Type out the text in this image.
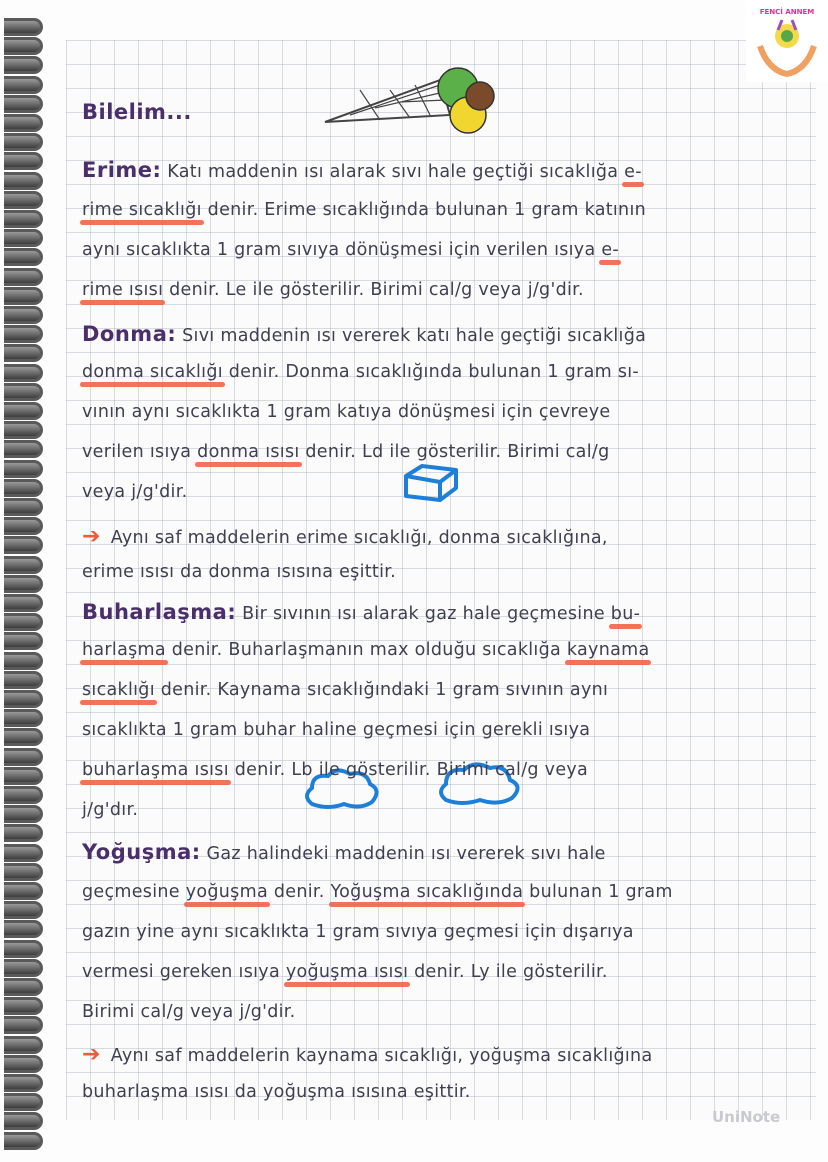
FENCİ ANNEM
Bilelim...
Erime: Katı maddenin ısı alarak sıvı hale geçtiği sıcaklığa e-
rime sıcaklığı denir. Erime sıcaklığında bulunan 1 gram katının
aynı sıcaklıkta 1 gram sıvıya dönüşmesi için verilen ısıya e-
rime ısısı denir. Le ile gösterilir. Birimi cal/g veya j/g'dir.
Donma: Sıvı maddenin ısı vererek katı hale geçtiği sıcaklığa
donma sıcaklığı denir. Donma sıcaklığında bulunan 1 gram sı-
vının aynı sıcaklıkta 1 gram katıya dönüşmesi için çevreye
verilen ısıya donma ısısı denir. Ld ile gösterilir. Birimi cal/g
veya j/g'dir.
➔ Aynı saf maddelerin erime sıcaklığı, donma sıcaklığına,
erime ısısı da donma ısısına eşittir.
Buharlaşma: Bir sıvının ısı alarak gaz hale geçmesine bu-
harlaşma denir. Buharlaşmanın max olduğu sıcaklığa kaynama
sıcaklığı denir. Kaynama sıcaklığındaki 1 gram sıvının aynı
sıcaklıkta 1 gram buhar haline geçmesi için gerekli ısıya
buharlaşma ısısı denir. Lb ile gösterilir. Birimi cal/g veya
j/g'dır.
Yoğuşma: Gaz halindeki maddenin ısı vererek sıvı hale
geçmesine yoğuşma denir. Yoğuşma sıcaklığında bulunan 1 gram
gazın yine aynı sıcaklıkta 1 gram sıvıya geçmesi için dışarıya
vermesi gereken ısıya yoğuşma ısısı denir. Ly ile gösterilir.
Birimi cal/g veya j/g'dir.
➔ Aynı saf maddelerin kaynama sıcaklığı, yoğuşma sıcaklığına
buharlaşma ısısı da yoğuşma ısısına eşittir.
UniNote
